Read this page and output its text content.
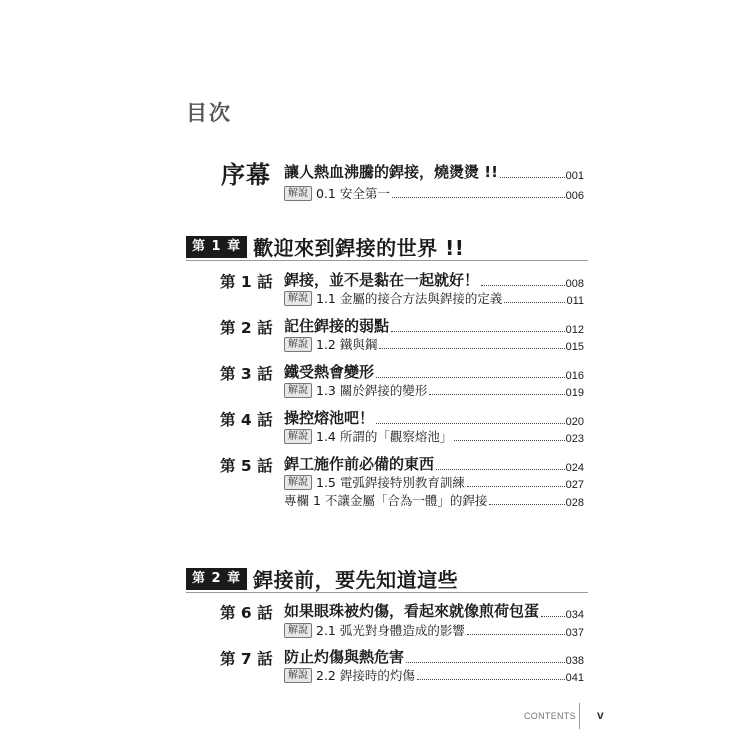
目次
序幕 讓人熱血沸騰的銲接，燒燙燙 !!	001
解說 0.1 安全第一	006
第 1 章 歡迎來到銲接的世界 !!
第 1 話 銲接，並不是黏在一起就好！	008
解說 1.1 金屬的接合方法與銲接的定義	011
第 2 話 記住銲接的弱點	012
解說 1.2 鐵與鋼	015
第 3 話 鐵受熱會變形	016
解說 1.3 關於銲接的變形	019
第 4 話 操控熔池吧！	020
解說 1.4 所謂的「觀察熔池」	023
第 5 話 銲工施作前必備的東西	024
解說 1.5 電弧銲接特別教育訓練	027
專欄 1 不讓金屬「合為一體」的銲接	028
第 2 章 銲接前，要先知道這些
第 6 話 如果眼珠被灼傷，看起來就像煎荷包蛋 034
解說 2.1 弧光對身體造成的影響	037
第 7 話 防止灼傷與熱危害	038
解說 2.2 銲接時的灼傷	041
CONTENTS v
